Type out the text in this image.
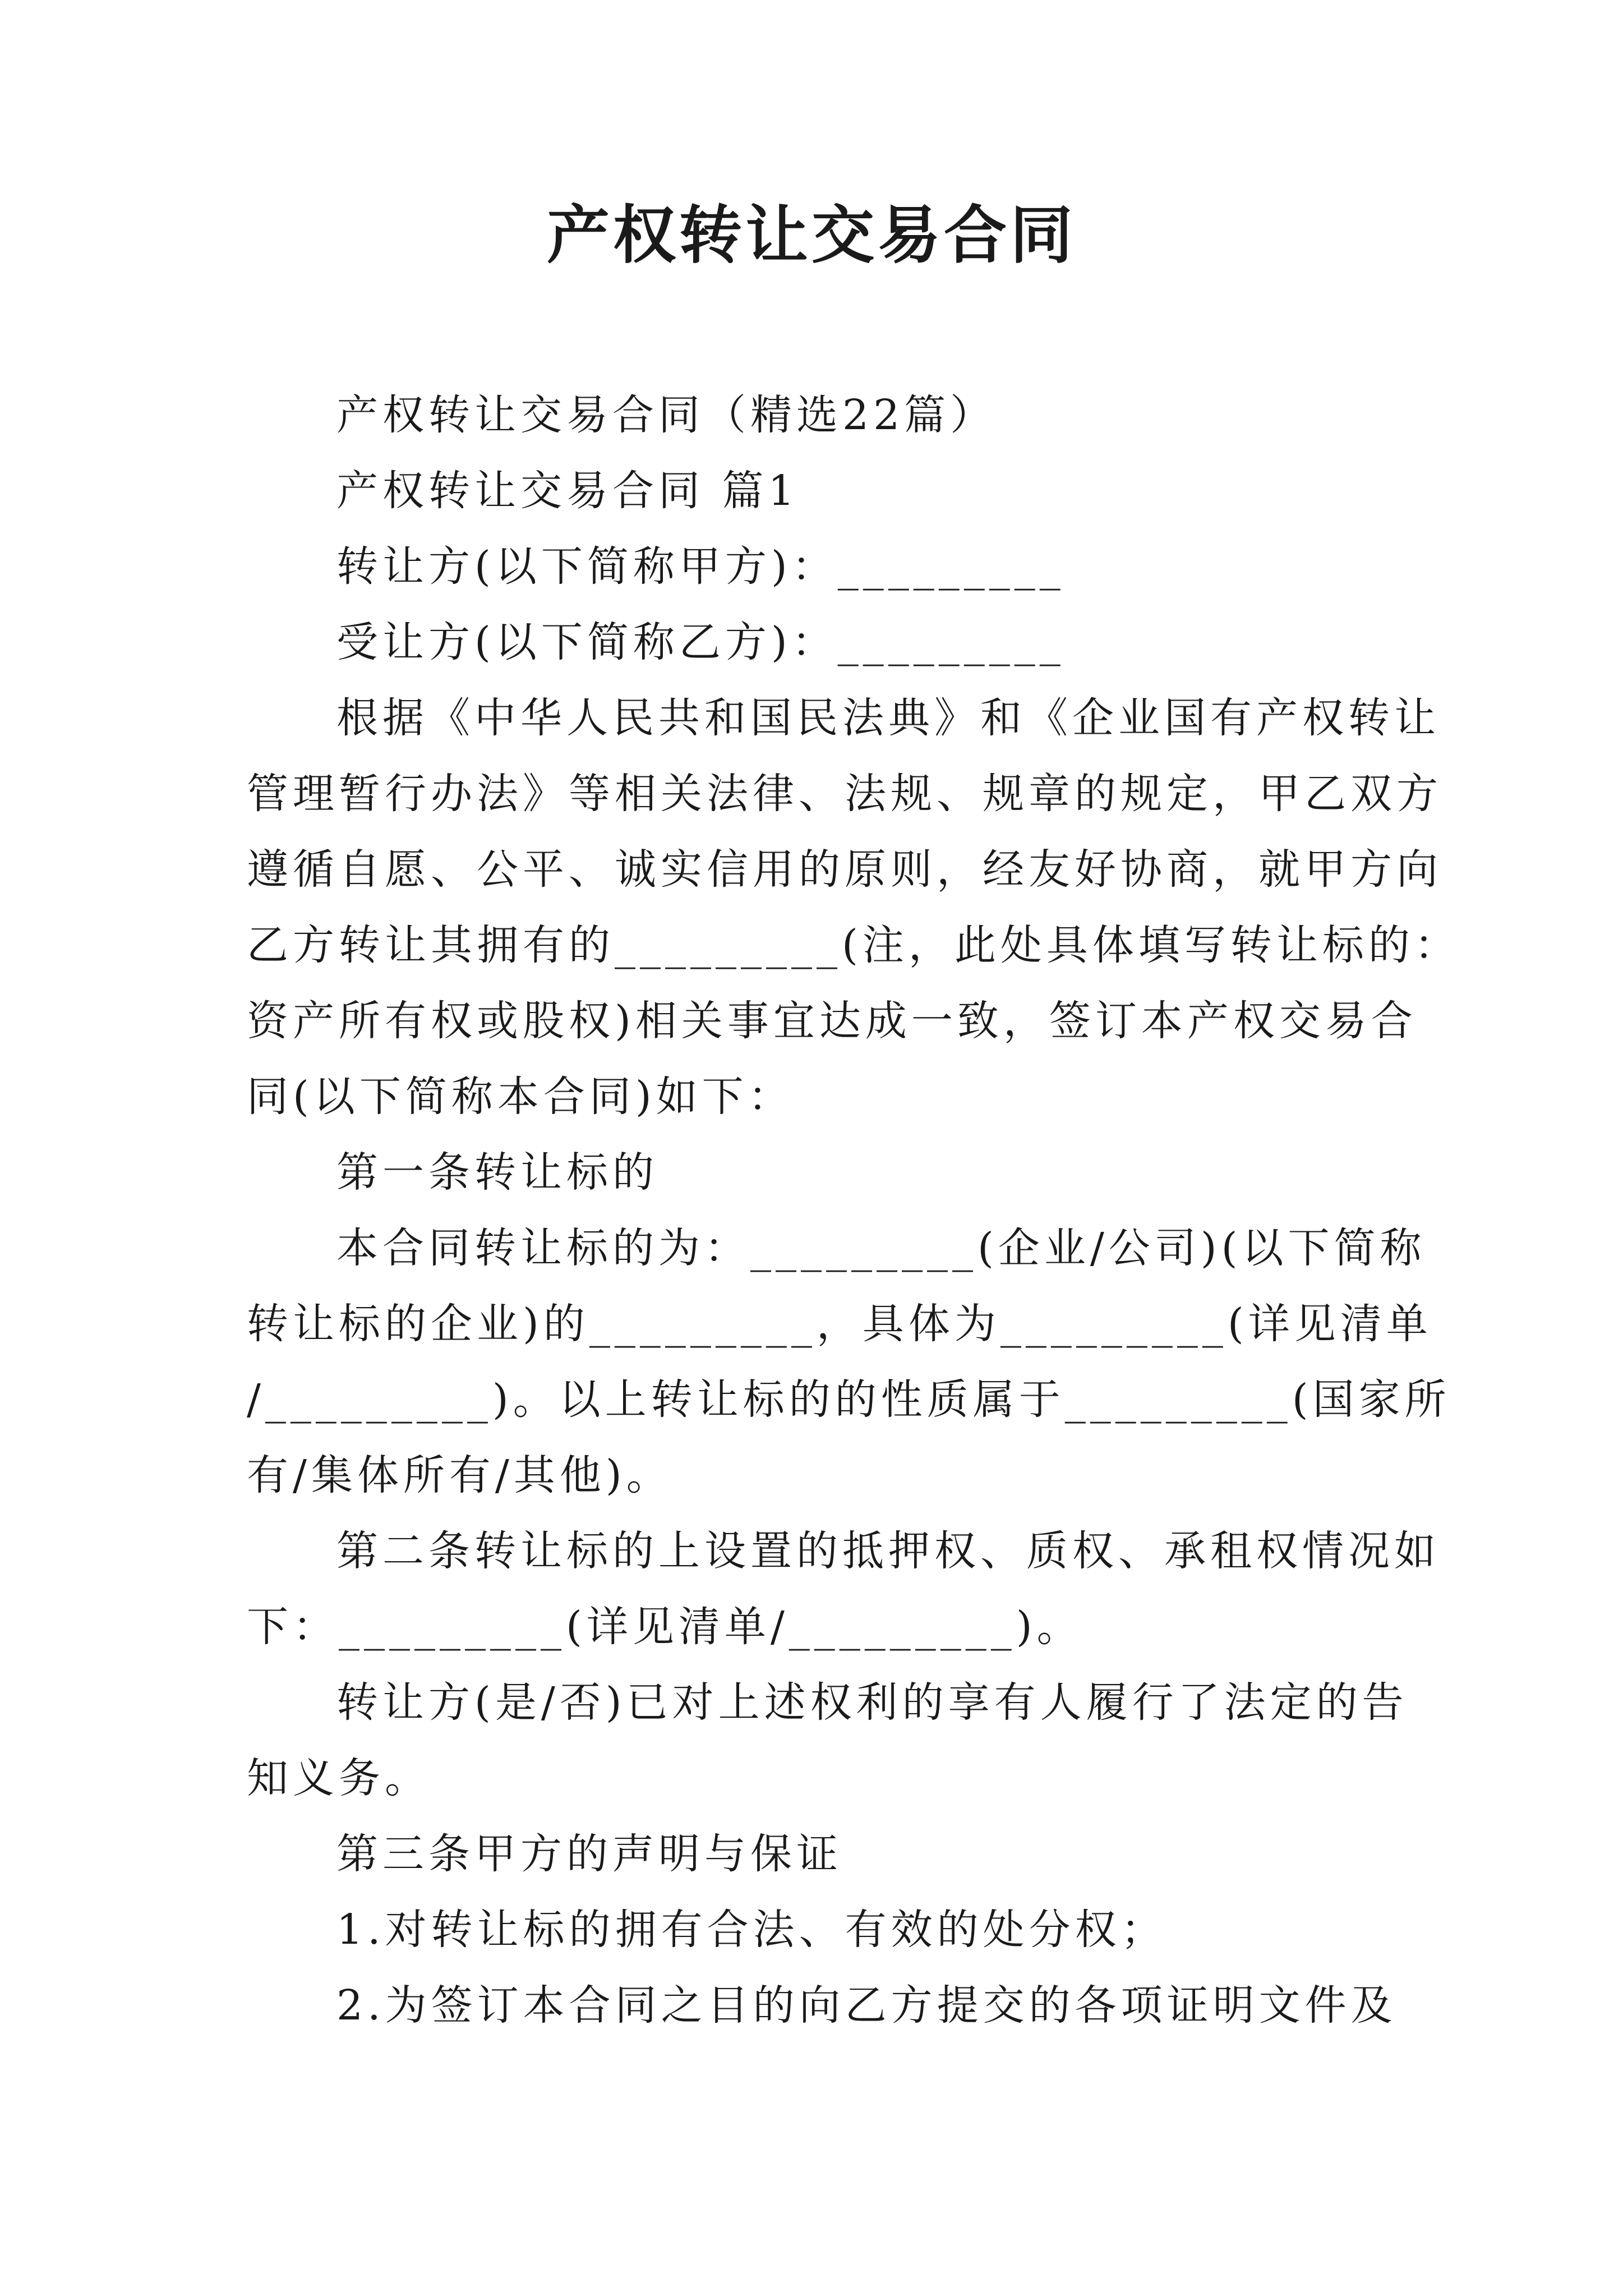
产权转让交易合同
产权转让交易合同（精选22篇）
产权转让交易合同 篇1
转让方(以下简称甲方)：_________
受让方(以下简称乙方)：_________
根据《中华人民共和国民法典》和《企业国有产权转让
管理暂行办法》等相关法律、法规、规章的规定，甲乙双方
遵循自愿、公平、诚实信用的原则，经友好协商，就甲方向
乙方转让其拥有的_________(注，此处具体填写转让标的：
资产所有权或股权)相关事宜达成一致，签订本产权交易合
同(以下简称本合同)如下：
第一条转让标的
本合同转让标的为：_________(企业/公司)(以下简称
转让标的企业)的_________，具体为_________(详见清单
/_________)。以上转让标的的性质属于_________(国家所
有/集体所有/其他)。
第二条转让标的上设置的抵押权、质权、承租权情况如
下：_________(详见清单/_________)。
转让方(是/否)已对上述权利的享有人履行了法定的告
知义务。
第三条甲方的声明与保证
1.对转让标的拥有合法、有效的处分权；
2.为签订本合同之目的向乙方提交的各项证明文件及
